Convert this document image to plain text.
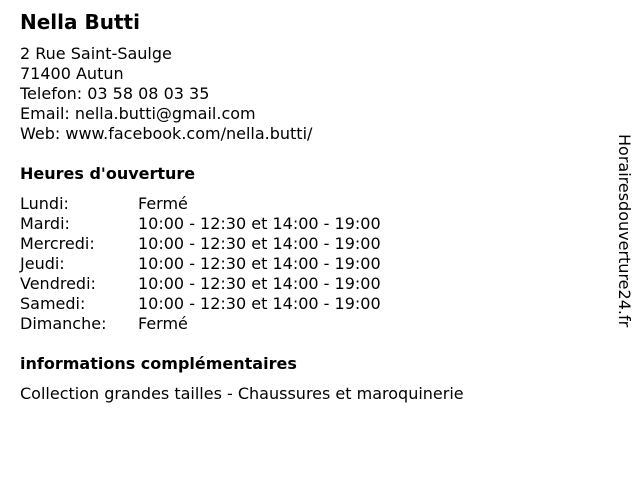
Nella Butti
2 Rue Saint-Saulge
71400 Autun
Telefon: 03 58 08 03 35
Email: nella.butti@gmail.com
Web: www.facebook.com/nella.butti/
Heures d'ouverture
Lundi:	Fermé
Mardi:	10:00 - 12:30 et 14:00 - 19:00
Mercredi:	10:00 - 12:30 et 14:00 - 19:00
Jeudi:	10:00 - 12:30 et 14:00 - 19:00
Vendredi:	10:00 - 12:30 et 14:00 - 19:00
Samedi:	10:00 - 12:30 et 14:00 - 19:00
Dimanche:	Fermé
informations complémentaires
Collection grandes tailles - Chaussures et maroquinerie
Horairesdouverture24.fr
